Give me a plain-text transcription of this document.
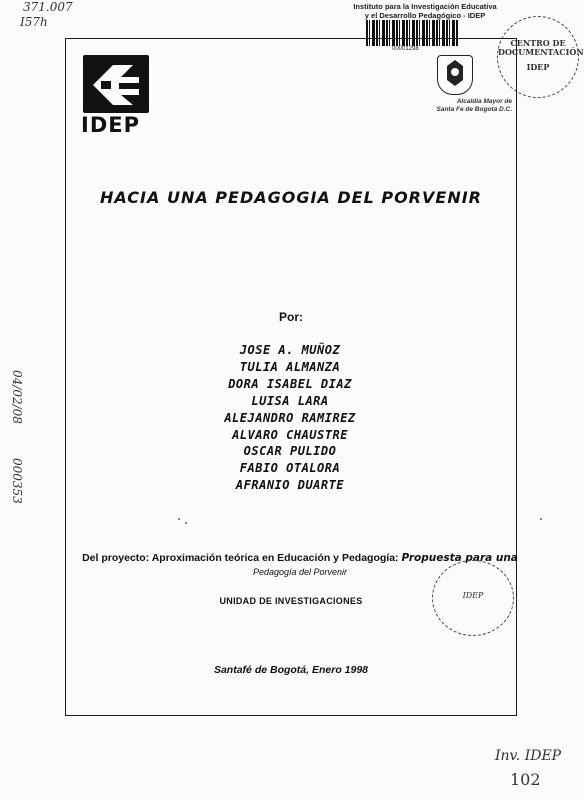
371.007
I57h
04/02/08
000353
Inv. IDEP
102
Instituto para la Investigación Educativa
y el Desarrollo Pedagógico - IDEP
00001298
CENTRO DE
DOCUMENTACIÓN
IDEP
IDEP
Alcaldía Mayor de
Santa Fe de Bogotá D.C.
HACIA UNA PEDAGOGIA DEL PORVENIR
Por:
JOSE A. MUÑOZ
TULIA ALMANZA
DORA ISABEL DIAZ
LUISA LARA
ALEJANDRO RAMIREZ
ALVARO CHAUSTRE
OSCAR PULIDO
FABIO OTALORA
AFRANIO DUARTE
Del proyecto: Aproximación teórica en Educación y Pedagogía: Propuesta para una
Pedagogía del Porvenir
IDEP
UNIDAD DE INVESTIGACIONES
Santafé de Bogotá, Enero 1998
